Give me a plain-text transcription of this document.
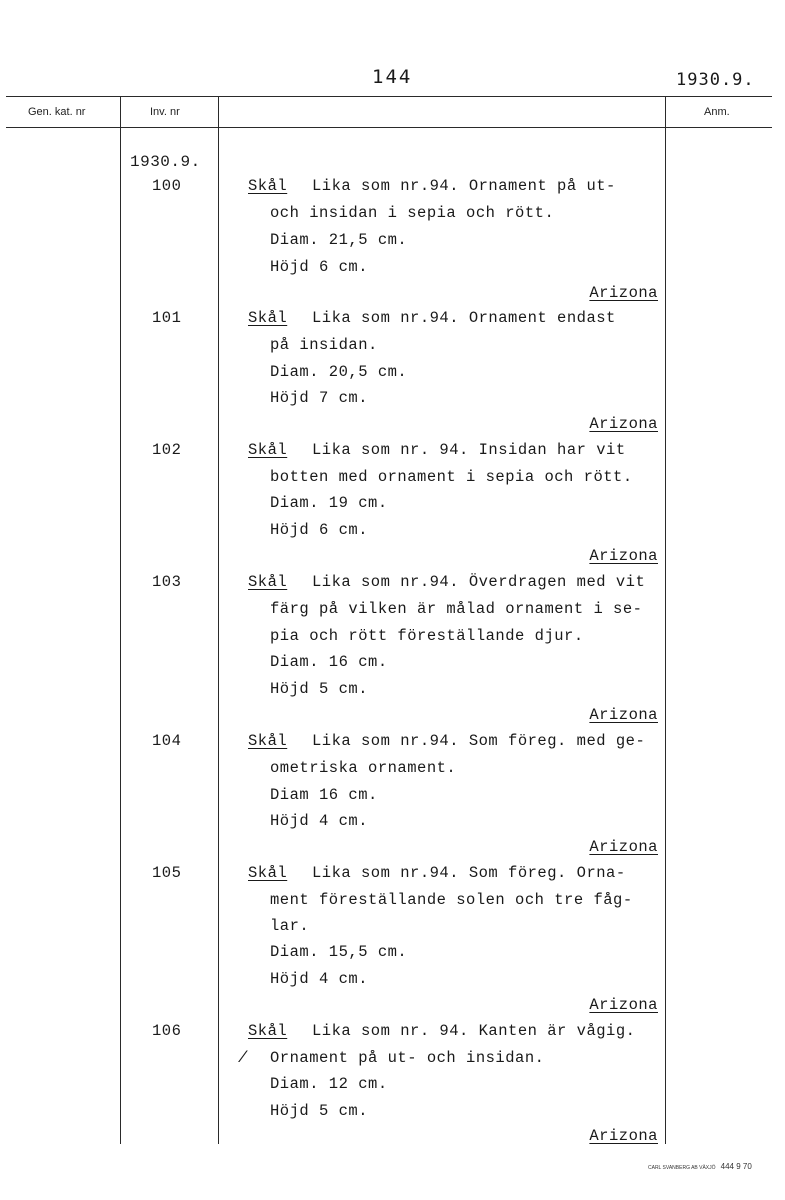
144	1930.9.
Gen. kat. nr	Inv. nr	Anm.
1930.9.
100	Skål Lika som nr.94. Ornament på ut-
och insidan i sepia och rött.
Diam. 21,5 cm.
Höjd 6 cm.
Arizona
101	Skål Lika som nr.94. Ornament endast
på insidan.
Diam. 20,5 cm.
Höjd 7 cm.
Arizona
102	Skål Lika som nr. 94. Insidan har vit
botten med ornament i sepia och rött.
Diam. 19 cm.
Höjd 6 cm.
Arizona
103	Skål Lika som nr.94. Överdragen med vit
färg på vilken är målad ornament i se-
pia och rött föreställande djur.
Diam. 16 cm.
Höjd 5 cm.
Arizona
104	Skål Lika som nr.94. Som föreg. med ge-
ometriska ornament.
Diam 16 cm.
Höjd 4 cm.
Arizona
105	Skål Lika som nr.94. Som föreg. Orna-
ment föreställande solen och tre fåg-
lar.
Diam. 15,5 cm.
Höjd 4 cm.
Arizona
106	Skål Lika som nr. 94. Kanten är vågig.
/ Ornament på ut- och insidan.
Diam. 12 cm.
Höjd 5 cm.
Arizona
CARL SVANBERG AB VÄXJÖ 444 9 70
